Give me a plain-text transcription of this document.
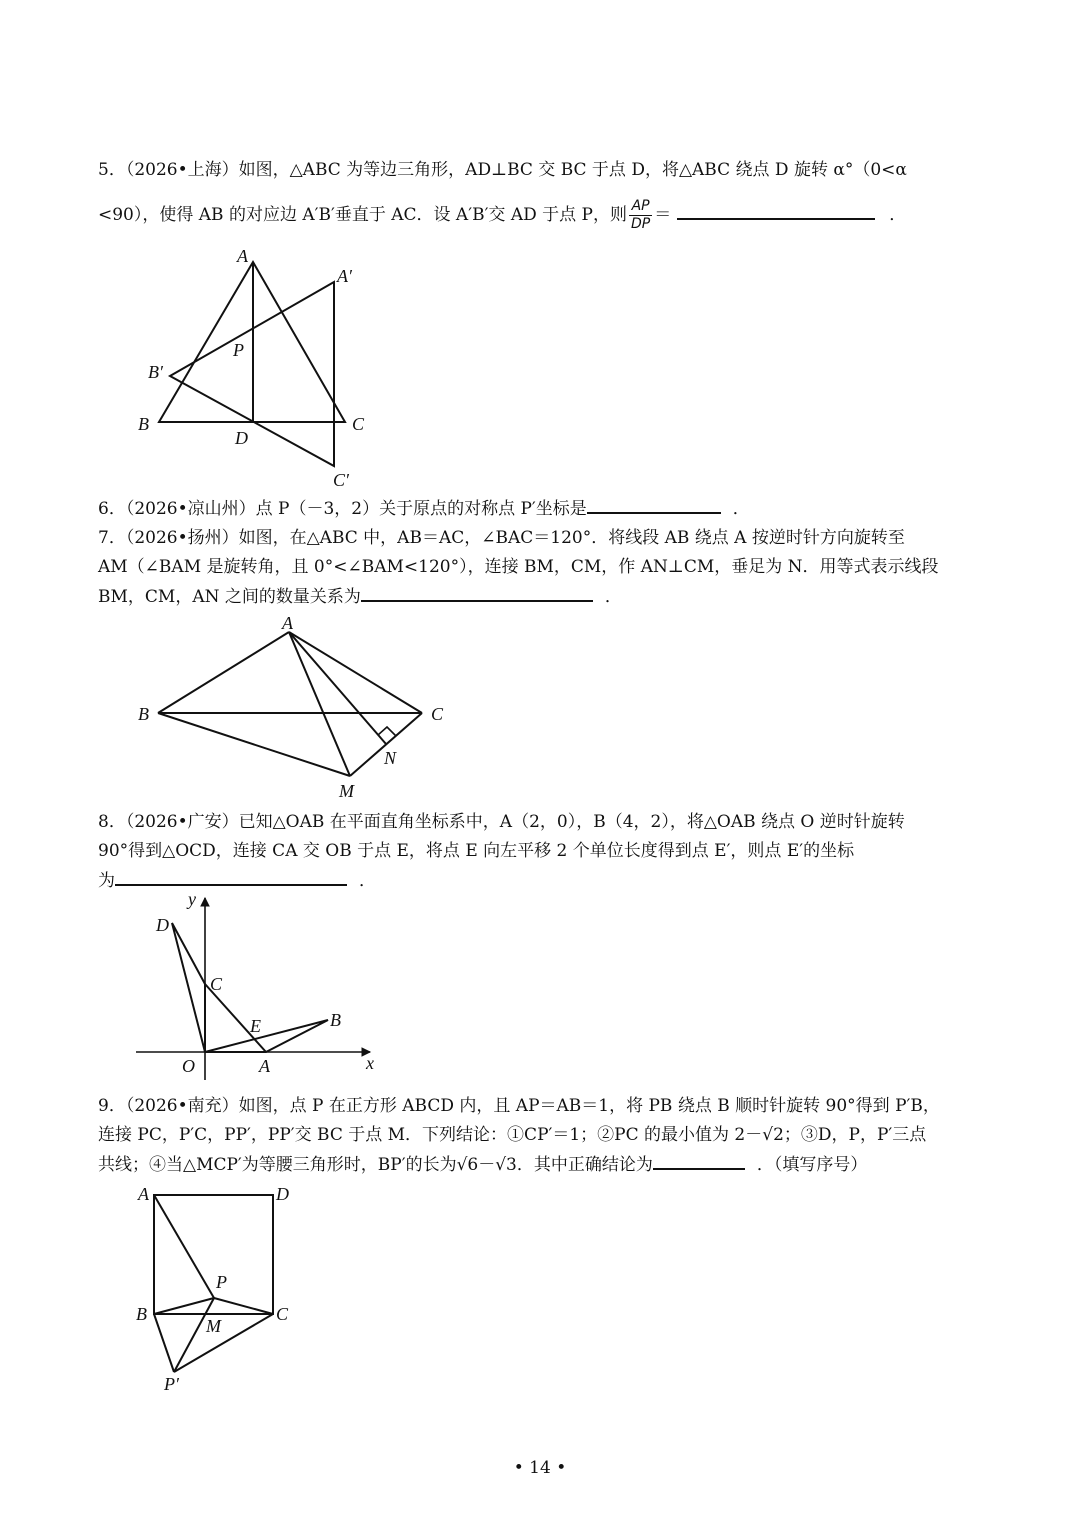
5．（2026•上海）如图，△ABC 为等边三角形，AD⊥BC 交 BC 于点 D，将△ABC 绕点 D 旋转 α°（0<α
<90），使得 AB 的对应边 A′B′垂直于 AC．设 A′B′交 AD 于点 P，则 $\frac{AP}{DP}$ ＝	．
A
A′
P
B′
B
D
C
C′
6．（2026•凉山州）点 P（－3，2）关于原点的对称点 P′坐标是	．
7．（2026•扬州）如图，在△ABC 中，AB＝AC，∠BAC＝120°．将线段 AB 绕点 A 按逆时针方向旋转至
AM（∠BAM 是旋转角，且 0°<∠BAM<120°），连接 BM，CM，作 AN⊥CM，垂足为 N．用等式表示线段
BM，CM，AN 之间的数量关系为	．
A
B	C
N
M
8．（2026•广安）已知△OAB 在平面直角坐标系中，A（2，0），B（4，2），将△OAB 绕点 O 逆时针旋转
90°得到△OCD，连接 CA 交 OB 于点 E，将点 E 向左平移 2 个单位长度得到点 E′，则点 E′的坐标
为	．
y
x
D
C
E	B
O	A
9．（2026•南充）如图，点 P 在正方形 ABCD 内，且 AP＝AB＝1，将 PB 绕点 B 顺时针旋转 90°得到 P′B，
连接 PC，P′C，PP′，PP′交 BC 于点 M．下列结论：①CP′＝1；②PC 的最小值为 2－√2；③D，P，P′三点
共线；④当△MCP′为等腰三角形时，BP′的长为√6－√3．其中正确结论为	．（填写序号）
A	D
P
B	C
M
P′
• 14 •
